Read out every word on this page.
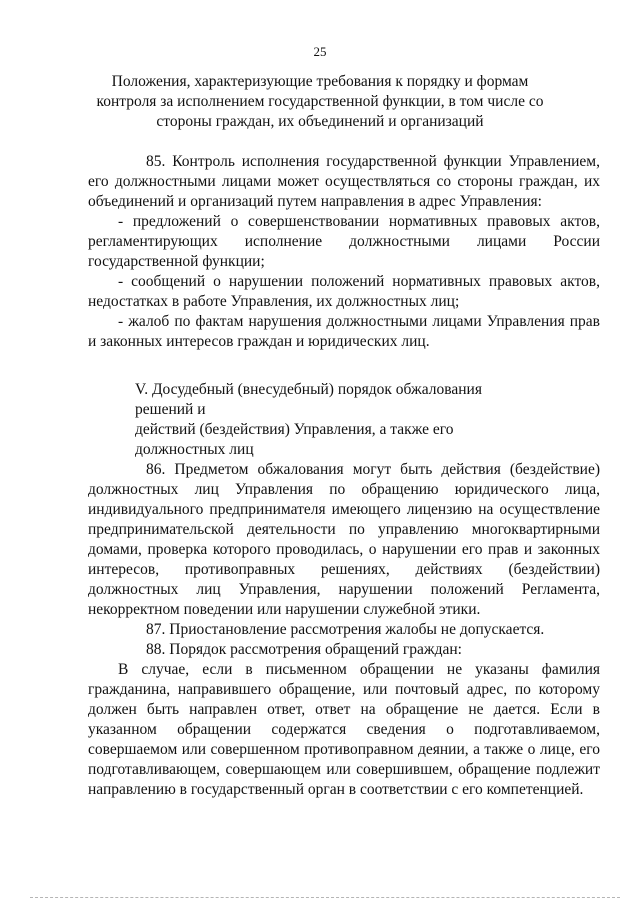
25
Положения, характеризующие требования к порядку и формам контроля за исполнением государственной функции, в том числе со стороны граждан, их объединений и организаций

85. Контроль исполнения государственной функции Управлением, его должностными лицами может осуществляться со стороны граждан, их объединений и организаций путем направления в адрес Управления:

- предложений о совершенствовании нормативных правовых актов, регламентирующих исполнение должностными лицами России государственной функции;

- сообщений о нарушении положений нормативных правовых актов, недостатках в работе Управления, их должностных лиц;

- жалоб по фактам нарушения должностными лицами Управления прав и законных интересов граждан и юридических лиц.

V. Досудебный (внесудебный) порядок обжалования решений и
действий (бездействия) Управления, а также его должностных лиц

86. Предметом обжалования могут быть действия (бездействие) должностных лиц Управления по обращению юридического лица, индивидуального предпринимателя имеющего лицензию на осуществление предпринимательской деятельности по управлению многоквартирными домами, проверка которого проводилась, о нарушении его прав и законных интересов, противоправных решениях, действиях (бездействии) должностных лиц Управления, нарушении положений Регламента, некорректном поведении или нарушении служебной этики.

87. Приостановление рассмотрения жалобы не допускается.

88. Порядок рассмотрения обращений граждан:

В случае, если в письменном обращении не указаны фамилия гражданина, направившего обращение, или почтовый адрес, по которому должен быть направлен ответ, ответ на обращение не дается. Если в указанном обращении содержатся сведения о подготавливаемом, совершаемом или совершенном противоправном деянии, а также о лице, его подготавливающем, совершающем или совершившем, обращение подлежит направлению в государственный орган в соответствии с его компетенцией.
